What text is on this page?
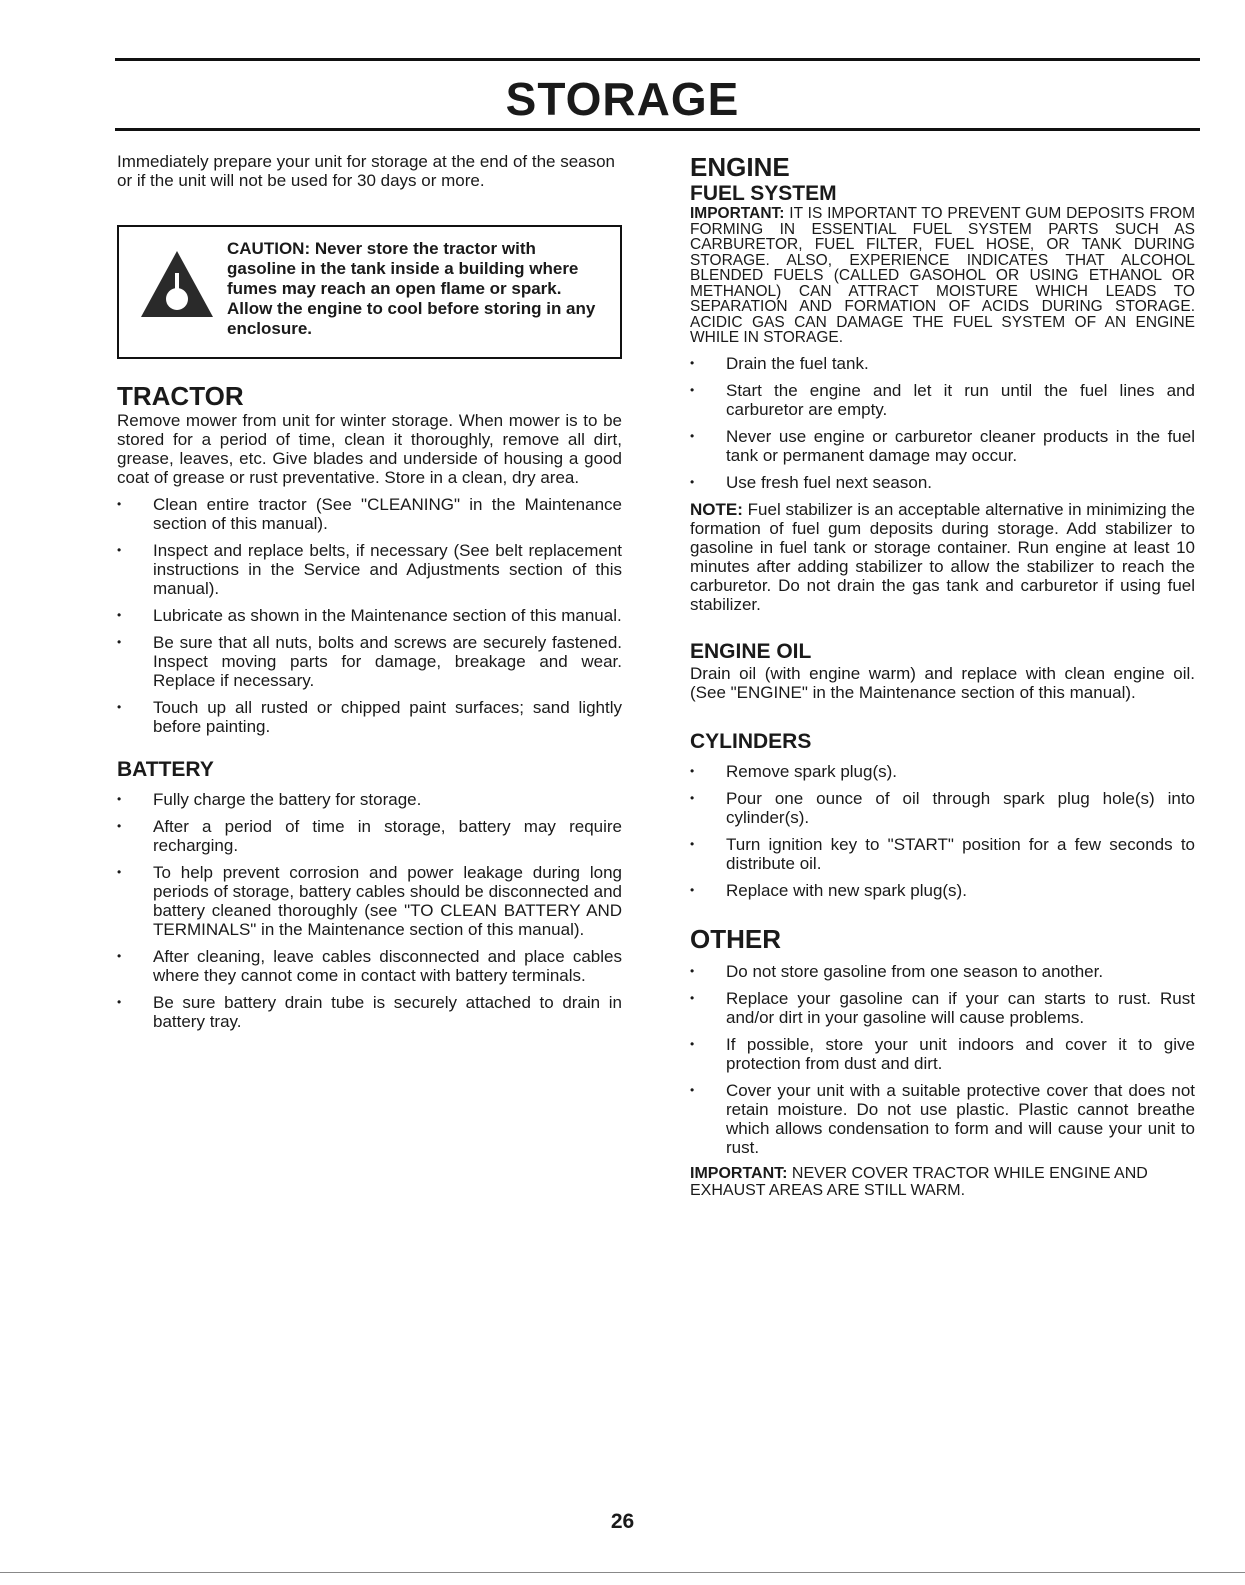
STORAGE

Immediately prepare your unit for storage at the end of the season or if the unit will not be used for 30 days or more.

CAUTION: Never store the tractor with gasoline in the tank inside a building where fumes may reach an open flame or spark. Allow the engine to cool before storing in any enclosure.
TRACTOR

Remove mower from unit for winter storage. When mower is to be stored for a period of time, clean it thoroughly, remove all dirt, grease, leaves, etc. Give blades and underside of housing a good coat of grease or rust preventative. Store in a clean, dry area.

• Clean entire tractor (See "CLEANING" in the Maintenance section of this manual).
• Inspect and replace belts, if necessary (See belt replacement instructions in the Service and Adjustments section of this manual).
• Lubricate as shown in the Maintenance section of this manual.
• Be sure that all nuts, bolts and screws are securely fastened. Inspect moving parts for damage, breakage and wear. Replace if necessary.
• Touch up all rusted or chipped paint surfaces; sand lightly before painting.
BATTERY
• Fully charge the battery for storage.
• After a period of time in storage, battery may require recharging.
• To help prevent corrosion and power leakage during long periods of storage, battery cables should be disconnected and battery cleaned thoroughly (see "TO CLEAN BATTERY AND TERMINALS" in the Maintenance section of this manual).
• After cleaning, leave cables disconnected and place cables where they cannot come in contact with battery terminals.
• Be sure battery drain tube is securely attached to drain in battery tray.
ENGINE
FUEL SYSTEM

IMPORTANT: IT IS IMPORTANT TO PREVENT GUM DEPOSITS FROM FORMING IN ESSENTIAL FUEL SYSTEM PARTS SUCH AS CARBURETOR, FUEL FILTER, FUEL HOSE, OR TANK DURING STORAGE. ALSO, EXPERIENCE INDICATES THAT ALCOHOL BLENDED FUELS (CALLED GASOHOL OR USING ETHANOL OR METHANOL) CAN ATTRACT MOISTURE WHICH LEADS TO SEPARATION AND FORMATION OF ACIDS DURING STORAGE. ACIDIC GAS CAN DAMAGE THE FUEL SYSTEM OF AN ENGINE WHILE IN STORAGE.

• Drain the fuel tank.
• Start the engine and let it run until the fuel lines and carburetor are empty.
• Never use engine or carburetor cleaner products in the fuel tank or permanent damage may occur.
• Use fresh fuel next season.

NOTE: Fuel stabilizer is an acceptable alternative in minimizing the formation of fuel gum deposits during storage. Add stabilizer to gasoline in fuel tank or storage container. Run engine at least 10 minutes after adding stabilizer to allow the stabilizer to reach the carburetor. Do not drain the gas tank and carburetor if using fuel stabilizer.

ENGINE OIL

Drain oil (with engine warm) and replace with clean engine oil. (See "ENGINE" in the Maintenance section of this manual).

CYLINDERS
• Remove spark plug(s).
• Pour one ounce of oil through spark plug hole(s) into cylinder(s).
• Turn ignition key to "START" position for a few seconds to distribute oil.
• Replace with new spark plug(s).
OTHER
• Do not store gasoline from one season to another.
• Replace your gasoline can if your can starts to rust. Rust and/or dirt in your gasoline will cause problems.
• If possible, store your unit indoors and cover it to give protection from dust and dirt.
• Cover your unit with a suitable protective cover that does not retain moisture. Do not use plastic. Plastic cannot breathe which allows condensation to form and will cause your unit to rust.

IMPORTANT: NEVER COVER TRACTOR WHILE ENGINE AND EXHAUST AREAS ARE STILL WARM.

26
